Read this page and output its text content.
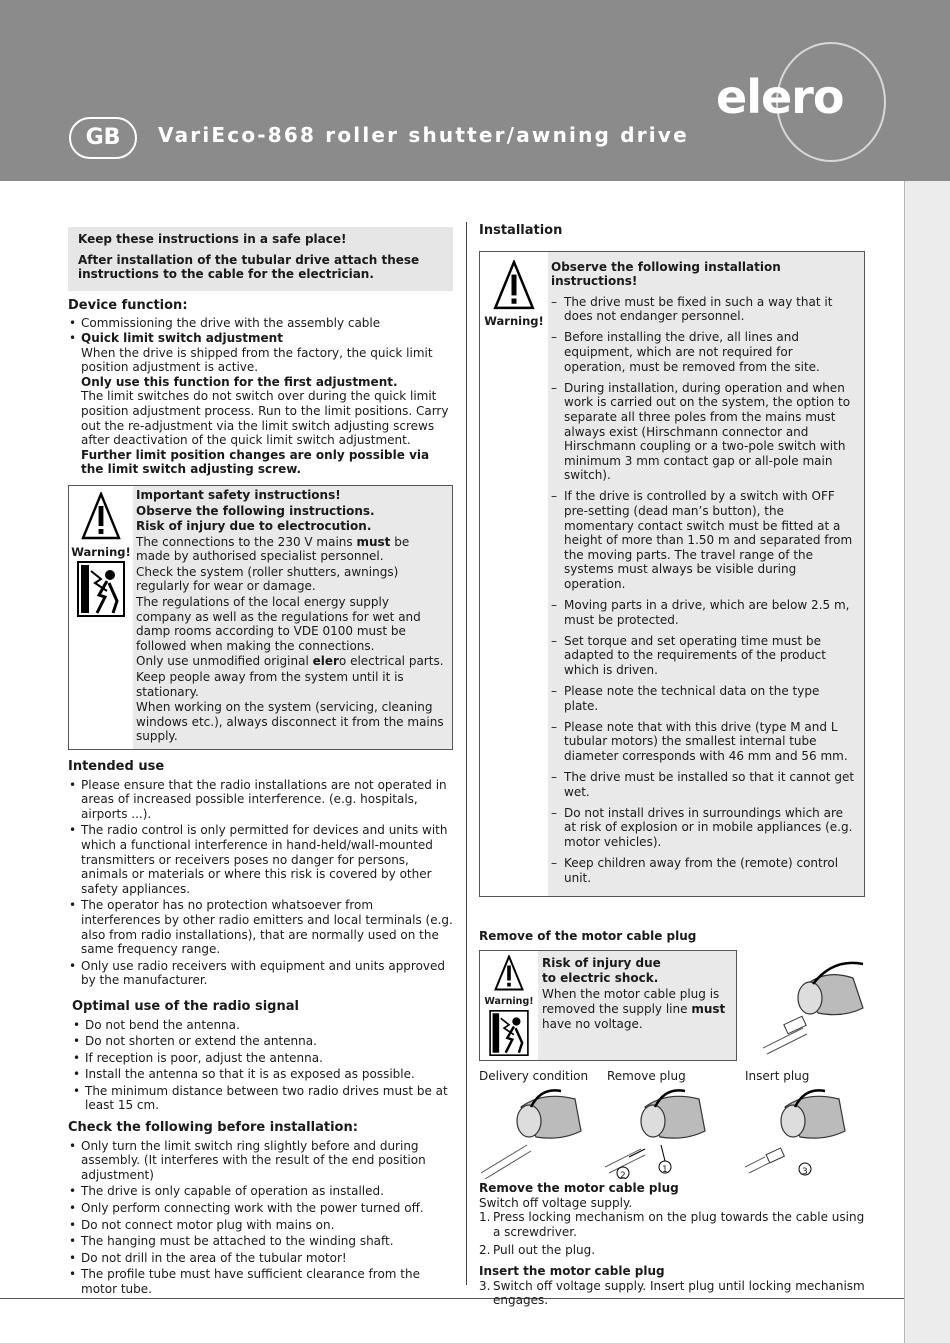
GB	VariEco-868 roller shutter/awning drive
elero

Keep these instructions in a safe place!

After installation of the tubular drive attach these instructions to the cable for the electrician.

Device function:
• Commissioning the drive with the assembly cable
• Quick limit switch adjustment
When the drive is shipped from the factory, the quick limit position adjustment is active.
Only use this function for the first adjustment.
The limit switches do not switch over during the quick limit position adjustment process. Run to the limit positions. Carry out the re-adjustment via the limit switch adjusting screws after deactivation of the quick limit switch adjustment.
Further limit position changes are only possible via the limit switch adjusting screw.
Warning!

Important safety instructions!

Observe the following instructions.

Risk of injury due to electrocution.

The connections to the 230 V mains must be made by authorised specialist personnel.

Check the system (roller shutters, awnings) regularly for wear or damage.

The regulations of the local energy supply company as well as the regulations for wet and damp rooms according to VDE 0100 must be followed when making the connections.

Only use unmodified original elero electrical parts.

Keep people away from the system until it is stationary.

When working on the system (servicing, cleaning windows etc.), always disconnect it from the mains supply.

Intended use
• Please ensure that the radio installations are not operated in areas of increased possible interference. (e.g. hospitals, airports ...).
• The radio control is only permitted for devices and units with which a functional interference in hand-held/wall-mounted transmitters or receivers poses no danger for persons, animals or materials or where this risk is covered by other safety appliances.
• The operator has no protection whatsoever from interferences by other radio emitters and local terminals (e.g. also from radio installations), that are normally used on the same frequency range.
• Only use radio receivers with equipment and units approved by the manufacturer.
Optimal use of the radio signal
• Do not bend the antenna.
• Do not shorten or extend the antenna.
• If reception is poor, adjust the antenna.
• Install the antenna so that it is as exposed as possible.
• The minimum distance between two radio drives must be at least 15 cm.
Check the following before installation:
• Only turn the limit switch ring slightly before and during assembly. (It interferes with the result of the end position adjustment)
• The drive is only capable of operation as installed.
• Only perform connecting work with the power turned off.
• Do not connect motor plug with mains on.
• The hanging must be attached to the winding shaft.
• Do not drill in the area of the tubular motor!
• The profile tube must have sufficient clearance from the motor tube.
Installation
Warning!

Observe the following installation instructions!

– The drive must be fixed in such a way that it does not endanger personnel.
– Before installing the drive, all lines and equipment, which are not required for operation, must be removed from the site.
– During installation, during operation and when work is carried out on the system, the option to separate all three poles from the mains must always exist (Hirschmann connector and Hirschmann coupling or a two-pole switch with minimum 3 mm contact gap or all-pole main switch).
– If the drive is controlled by a switch with OFF pre-setting (dead man’s button), the momentary contact switch must be fitted at a height of more than 1.50 m and separated from the moving parts. The travel range of the systems must always be visible during operation.
– Moving parts in a drive, which are below 2.5 m, must be protected.
– Set torque and set operating time must be adapted to the requirements of the product which is driven.
– Please note the technical data on the type plate.
– Please note that with this drive (type M and L tubular motors) the smallest internal tube diameter corresponds with 46 mm and 56 mm.
– The drive must be installed so that it cannot get wet.
– Do not install drives in surroundings which are at risk of explosion or in mobile appliances (e.g. motor vehicles).
– Keep children away from the (remote) control unit.
Remove of the motor cable plug
Warning!

Risk of injury due to electric shock.

When the motor cable plug is removed the supply line must have no voltage.

Delivery condition Remove plug	Insert plug
2
1	3
Remove the motor cable plug
Switch off voltage supply.
1. Press locking mechanism on the plug towards the cable using a screwdriver.
2. Pull out the plug.
Insert the motor cable plug
3. Switch off voltage supply. Insert plug until locking mechanism engages.
